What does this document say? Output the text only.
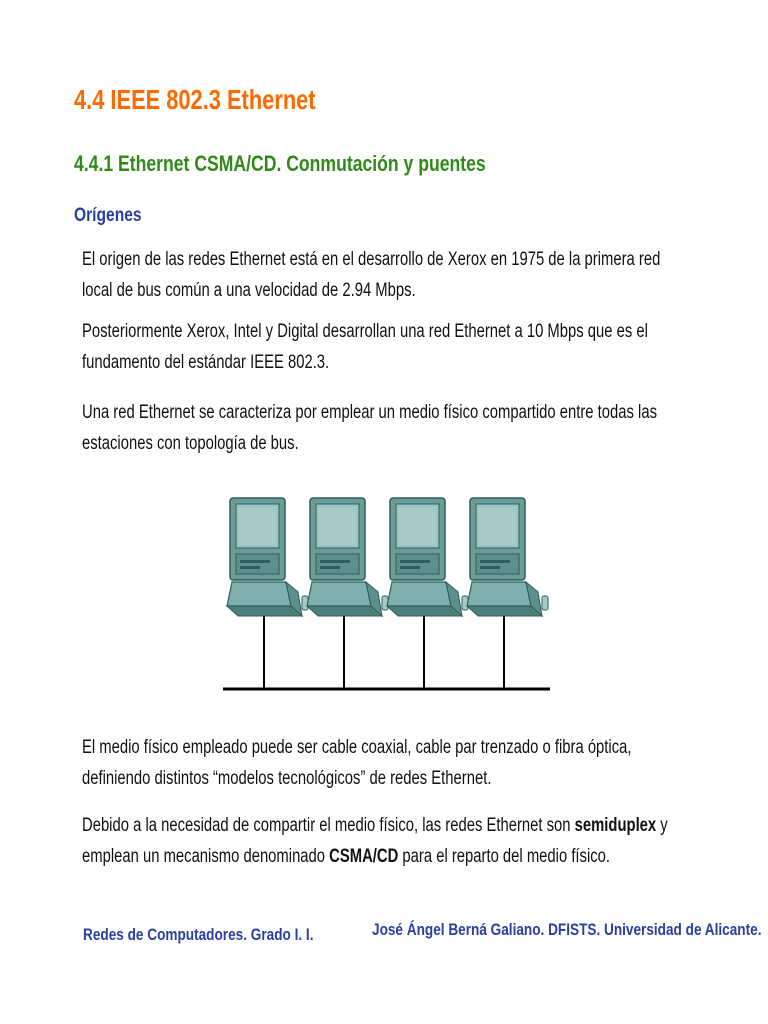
4.4 IEEE 802.3 Ethernet
4.4.1 Ethernet CSMA/CD. Conmutación y puentes
Orígenes

El origen de las redes Ethernet está en el desarrollo de Xerox en 1975 de la primera red local de bus común a una velocidad de 2.94 Mbps.

Posteriormente Xerox, Intel y Digital desarrollan una red Ethernet a 10 Mbps que es el fundamento del estándar IEEE 802.3.

Una red Ethernet se caracteriza por emplear un medio físico compartido entre todas las estaciones con topología de bus.

El medio físico empleado puede ser cable coaxial, cable par trenzado o fibra óptica, definiendo distintos “modelos tecnológicos” de redes Ethernet.

Debido a la necesidad de compartir el medio físico, las redes Ethernet son semiduplex y emplean un mecanismo denominado CSMA/CD para el reparto del medio físico.

Redes de Computadores. Grado I. I.	José Ángel Berná Galiano. DFISTS. Universidad de Alicante.
